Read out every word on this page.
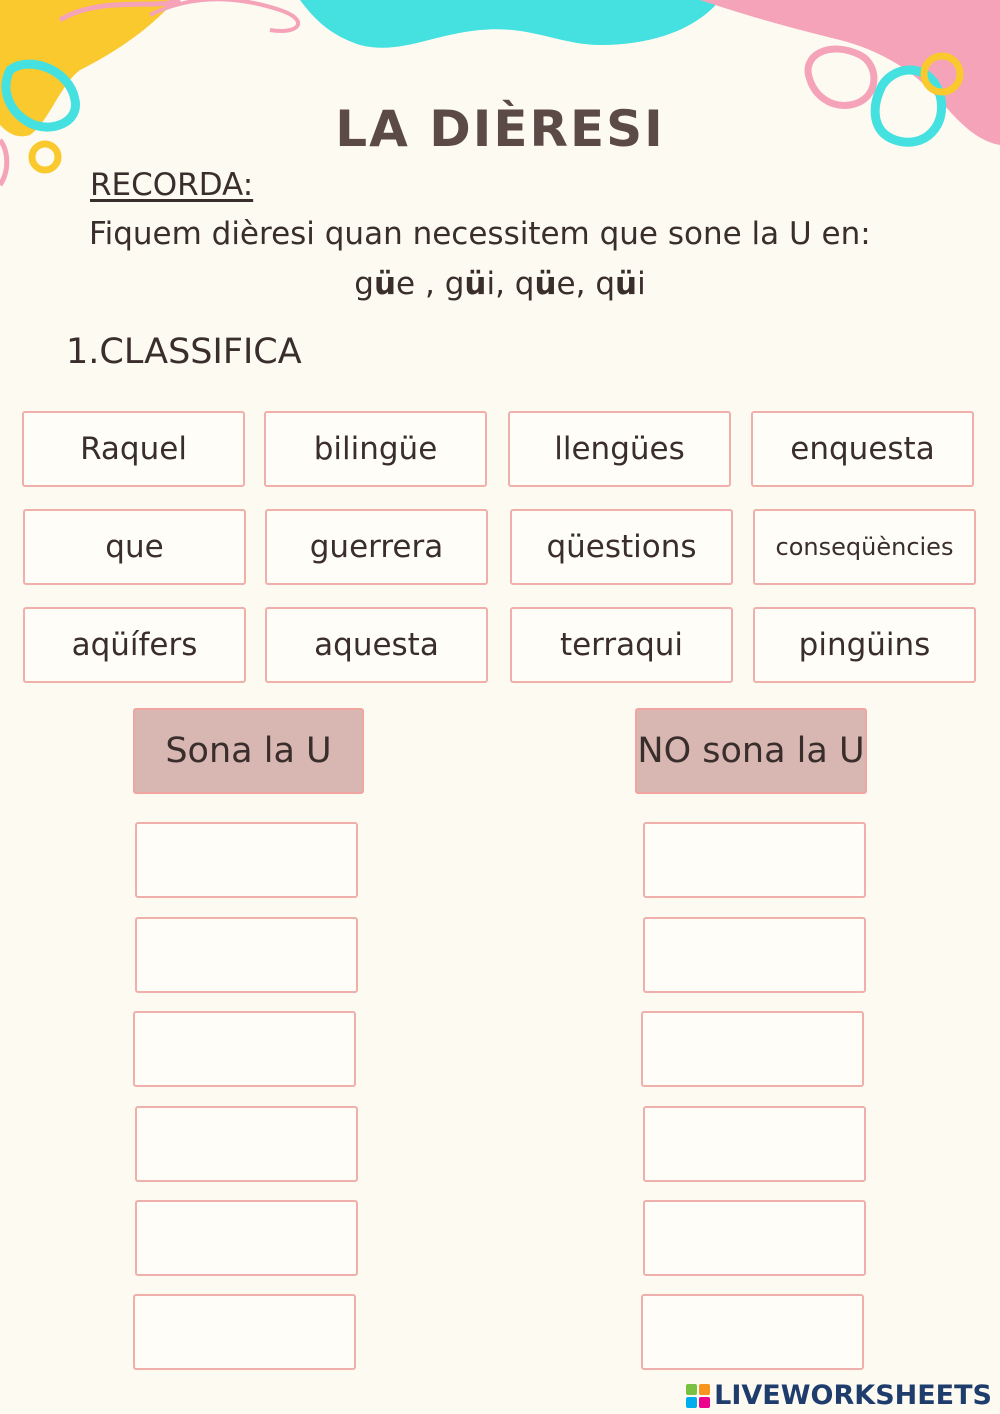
LA DIÈRESI
RECORDA:
Fiquem dièresi quan necessitem que sone la U en:
güe , güi, qüe, qüi
1.CLASSIFICA
Raquel	bilingüe	llengües	enquesta
que	guerrera	qüestions	conseqüències
aqüífers	aquesta	terraqui	pingüins
Sona la U	NO sona la U
LIVEWORKSHEETS
